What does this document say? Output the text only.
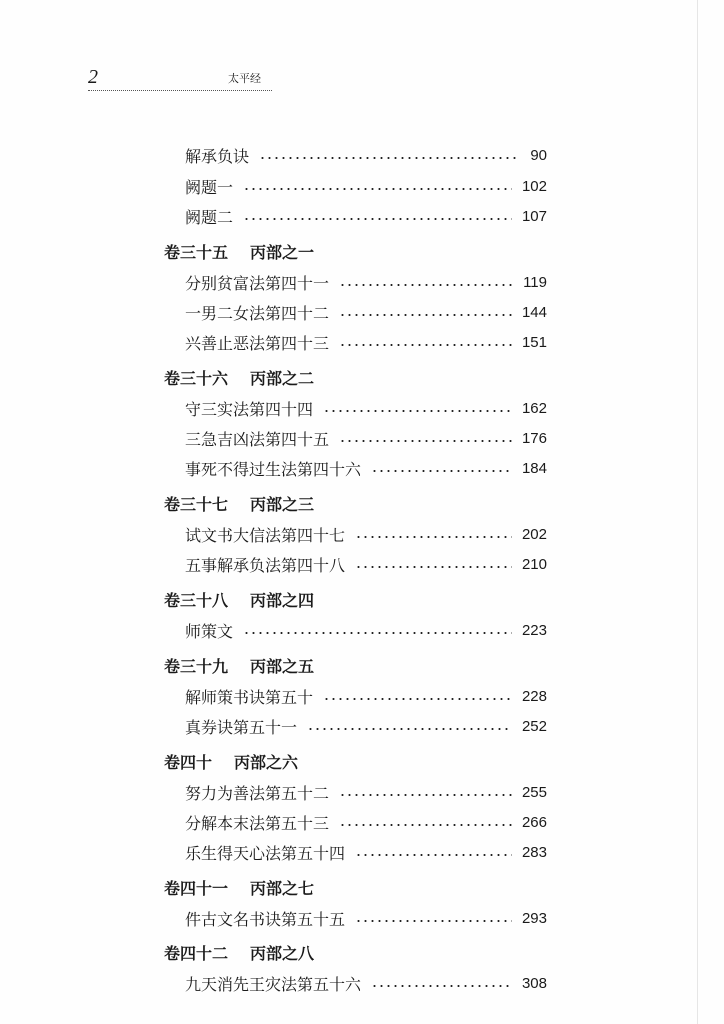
2	太平经
解承负诀	90
阙题一	102
阙题二	107
卷三十五 丙部之一
分别贫富法第四十一	119
一男二女法第四十二	144
兴善止恶法第四十三	151
卷三十六 丙部之二
守三实法第四十四	162
三急吉凶法第四十五	176
事死不得过生法第四十六	184
卷三十七 丙部之三
试文书大信法第四十七	202
五事解承负法第四十八	210
卷三十八 丙部之四
师策文	223
卷三十九 丙部之五
解师策书诀第五十	228
真券诀第五十一	252
卷四十 丙部之六
努力为善法第五十二	255
分解本末法第五十三	266
乐生得天心法第五十四	283
卷四十一 丙部之七
件古文名书诀第五十五	293
卷四十二 丙部之八
九天消先王灾法第五十六	308
